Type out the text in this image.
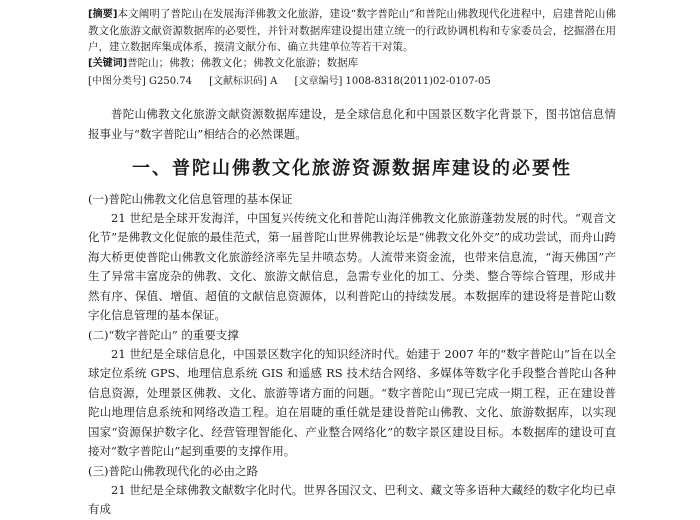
[摘要]本文阐明了普陀山在发展海洋佛教文化旅游，建设“数字普陀山”和普陀山佛教现代化进程中，启建普陀山佛教文化旅游文献资源数据库的必要性，并针对数据库建设提出建立统一的行政协调机构和专家委员会，挖掘潜在用户，建立数据库集成体系，摸清文献分布、确立共建单位等若干对策。

[关键词]普陀山；佛教；佛教文化；佛教文化旅游；数据库

[中图分类号] G250.74 [文献标识码] A [文章编号] 1008-8318(2011)02-0107-05

普陀山佛教文化旅游文献资源数据库建设，是全球信息化和中国景区数字化背景下，图书馆信息情报事业与“数字普陀山”相结合的必然课题。

一、普陀山佛教文化旅游资源数据库建设的必要性

(一)普陀山佛教文化信息管理的基本保证

21 世纪是全球开发海洋，中国复兴传统文化和普陀山海洋佛教文化旅游蓬勃发展的时代。“观音文化节”是佛教文化促旅的最佳范式，第一届普陀山世界佛教论坛是“佛教文化外交”的成功尝试，而舟山跨海大桥更使普陀山佛教文化旅游经济率先呈井喷态势。人流带来资金流，也带来信息流，“海天佛国”产生了异常丰富庞杂的佛教、文化、旅游文献信息，急需专业化的加工、分类、整合等综合管理，形成井然有序、保值、增值、超值的文献信息资源体，以利普陀山的持续发展。本数据库的建设将是普陀山数字化信息管理的基本保证。

(二)“数字普陀山” 的重要支撑

21 世纪是全球信息化，中国景区数字化的知识经济时代。始建于 2007 年的“数字普陀山”旨在以全球定位系统 GPS、地理信息系统 GIS 和遥感 RS 技术结合网络、多媒体等数字化手段整合普陀山各种信息资源，处理景区佛教、文化、旅游等诸方面的问题。“数字普陀山”现已完成一期工程，正在建设普陀山地理信息系统和网络改造工程。迫在眉睫的重任就是建设普陀山佛教、文化、旅游数据库，以实现国家“资源保护数字化、经营管理智能化、产业整合网络化”的数字景区建设目标。本数据库的建设可直接对“数字普陀山”起到重要的支撑作用。

(三)普陀山佛教现代化的必由之路

21 世纪是全球佛教文献数字化时代。世界各国汉文、巴利文、藏文等多语种大藏经的数字化均已卓有成
